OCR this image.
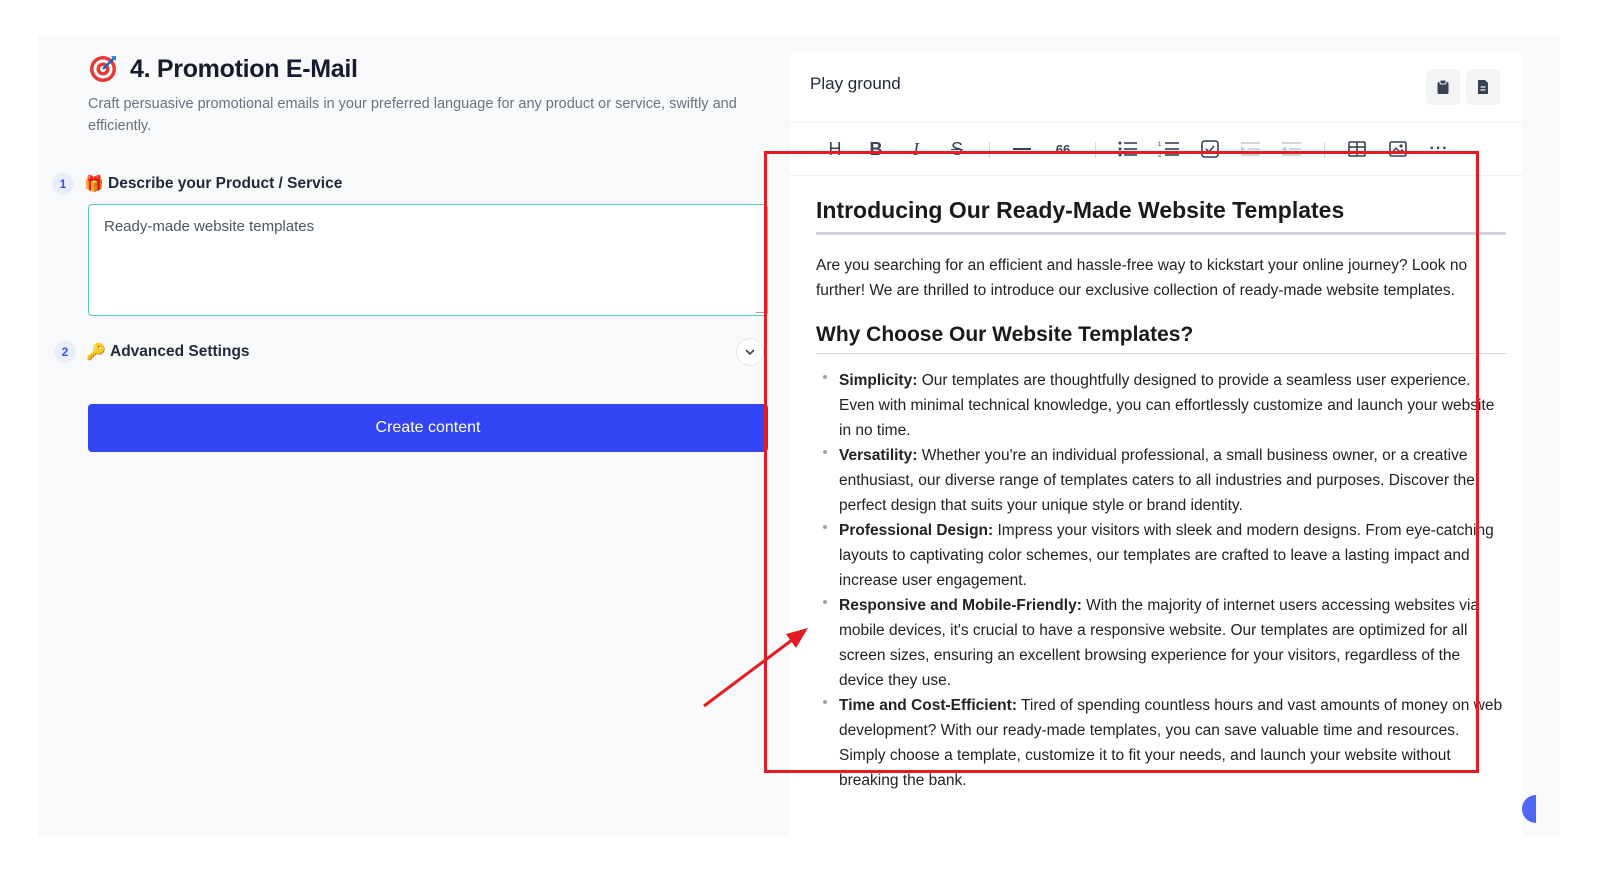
4. Promotion E-Mail
Craft persuasive promotional emails in your preferred language for any product or service, swiftly and efficiently.
1	🎁 Describe your Product / Service
Ready-made website templates
2	🔑 Advanced Settings
Create content
Play ground
H B I S	66	1
2	···
Introducing Our Ready-Made Website Templates

Are you searching for an efficient and hassle-free way to kickstart your online journey? Look no further! We are thrilled to introduce our exclusive collection of ready-made website templates.

Why Choose Our Website Templates?
Simplicity: Our templates are thoughtfully designed to provide a seamless user experience. Even with minimal technical knowledge, you can effortlessly customize and launch your website in no time.
Versatility: Whether you're an individual professional, a small business owner, or a creative enthusiast, our diverse range of templates caters to all industries and purposes. Discover the perfect design that suits your unique style or brand identity.
Professional Design: Impress your visitors with sleek and modern designs. From eye-catching layouts to captivating color schemes, our templates are crafted to leave a lasting impact and increase user engagement.
Responsive and Mobile-Friendly: With the majority of internet users accessing websites via mobile devices, it's crucial to have a responsive website. Our templates are optimized for all screen sizes, ensuring an excellent browsing experience for your visitors, regardless of the device they use.
Time and Cost-Efficient: Tired of spending countless hours and vast amounts of money on web development? With our ready-made templates, you can save valuable time and resources. Simply choose a template, customize it to fit your needs, and launch your website without breaking the bank.
